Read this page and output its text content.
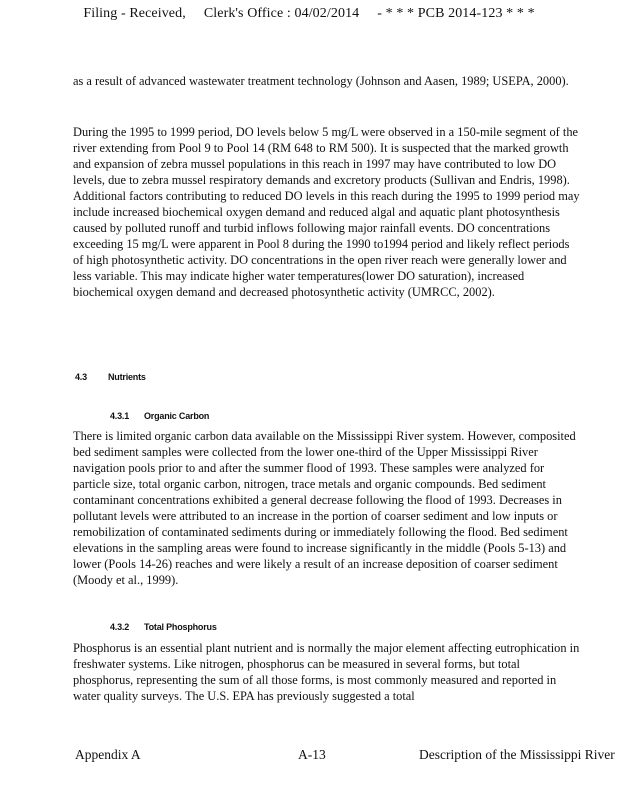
Filing - Received, Clerk's Office : 04/02/2014 - * * * PCB 2014-123 * * *
as a result of advanced wastewater treatment technology (Johnson and Aasen, 1989; USEPA, 2000).
During the 1995 to 1999 period, DO levels below 5 mg/L were observed in a 150-mile segment of the river extending from Pool 9 to Pool 14 (RM 648 to RM 500). It is suspected that the marked growth and expansion of zebra mussel populations in this reach in 1997 may have contributed to low DO levels, due to zebra mussel respiratory demands and excretory products (Sullivan and Endris, 1998). Additional factors contributing to reduced DO levels in this reach during the 1995 to 1999 period may include increased biochemical oxygen demand and reduced algal and aquatic plant photosynthesis caused by polluted runoff and turbid inflows following major rainfall events. DO concentrations exceeding 15 mg/L were apparent in Pool 8 during the 1990 to1994 period and likely reflect periods of high photosynthetic activity. DO concentrations in the open river reach were generally lower and less variable. This may indicate higher water temperatures(lower DO saturation), increased biochemical oxygen demand and decreased photosynthetic activity (UMRCC, 2002).
4.3 Nutrients
4.3.1 Organic Carbon
There is limited organic carbon data available on the Mississippi River system. However, composited bed sediment samples were collected from the lower one-third of the Upper Mississippi River navigation pools prior to and after the summer flood of 1993. These samples were analyzed for particle size, total organic carbon, nitrogen, trace metals and organic compounds. Bed sediment contaminant concentrations exhibited a general decrease following the flood of 1993. Decreases in pollutant levels were attributed to an increase in the portion of coarser sediment and low inputs or remobilization of contaminated sediments during or immediately following the flood. Bed sediment elevations in the sampling areas were found to increase significantly in the middle (Pools 5-13) and lower (Pools 14-26) reaches and were likely a result of an increase deposition of coarser sediment (Moody et al., 1999).
4.3.2 Total Phosphorus
Phosphorus is an essential plant nutrient and is normally the major element affecting eutrophication in freshwater systems. Like nitrogen, phosphorus can be measured in several forms, but total phosphorus, representing the sum of all those forms, is most commonly measured and reported in water quality surveys. The U.S. EPA has previously suggested a total
Appendix A	A-13	Description of the Mississippi River
